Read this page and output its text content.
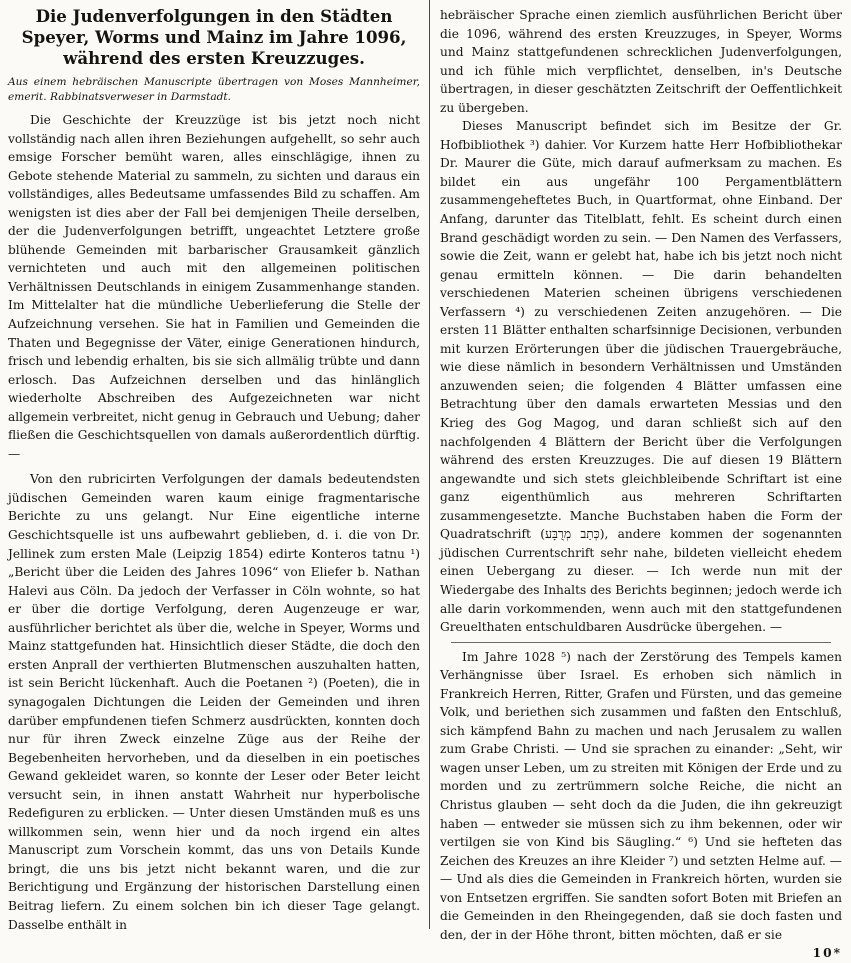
Die Judenverfolgungen in den Städten Speyer, Worms und Mainz im Jahre 1096, während des ersten Kreuzzuges.

Aus einem hebräischen Manuscripte übertragen von Moses Mannheimer, emerit. Rabbinatsverweser in Darmstadt.

Die Geschichte der Kreuzzüge ist bis jetzt noch nicht vollständig nach allen ihren Beziehungen aufgehellt, so sehr auch emsige Forscher bemüht waren, alles einschlägige, ihnen zu Gebote stehende Material zu sammeln, zu sichten und daraus ein vollständiges, alles Bedeutsame umfassendes Bild zu schaffen. Am wenigsten ist dies aber der Fall bei demjenigen Theile derselben, der die Judenverfolgungen betrifft, ungeachtet Letztere große blühende Gemeinden mit barbarischer Grausamkeit gänzlich vernichteten und auch mit den allgemeinen politischen Verhältnissen Deutschlands in einigem Zusammenhange standen. Im Mittelalter hat die mündliche Ueberlieferung die Stelle der Aufzeichnung versehen. Sie hat in Familien und Gemeinden die Thaten und Begegnisse der Väter, einige Generationen hindurch, frisch und lebendig erhalten, bis sie sich allmälig trübte und dann erlosch. Das Aufzeichnen derselben und das hinlänglich wiederholte Abschreiben des Aufgezeichneten war nicht allgemein verbreitet, nicht genug in Gebrauch und Uebung; daher fließen die Geschichtsquellen von damals außerordentlich dürftig. —

Von den rubricirten Verfolgungen der damals bedeutendsten jüdischen Gemeinden waren kaum einige fragmentarische Berichte zu uns gelangt. Nur Eine eigentliche interne Geschichtsquelle ist uns aufbewahrt geblieben, d. i. die von Dr. Jellinek zum ersten Male (Leipzig 1854) edirte Konteros tatnu ¹) „Bericht über die Leiden des Jahres 1096“ von Eliefer b. Nathan Halevi aus Cöln. Da jedoch der Verfasser in Cöln wohnte, so hat er über die dortige Verfolgung, deren Augenzeuge er war, ausführlicher berichtet als über die, welche in Speyer, Worms und Mainz stattgefunden hat. Hinsichtlich dieser Städte, die doch den ersten Anprall der verthierten Blutmenschen auszuhalten hatten, ist sein Bericht lückenhaft. Auch die Poetanen ²) (Poeten), die in synagogalen Dichtungen die Leiden der Gemeinden und ihren darüber empfundenen tiefen Schmerz ausdrückten, konnten doch nur für ihren Zweck einzelne Züge aus der Reihe der Begebenheiten hervorheben, und da dieselben in ein poetisches Gewand gekleidet waren, so konnte der Leser oder Beter leicht versucht sein, in ihnen anstatt Wahrheit nur hyperbolische Redefiguren zu erblicken. — Unter diesen Umständen muß es uns willkommen sein, wenn hier und da noch irgend ein altes Manuscript zum Vorschein kommt, das uns von Details Kunde bringt, die uns bis jetzt nicht bekannt waren, und die zur Berichtigung und Ergänzung der historischen Darstellung einen Beitrag liefern. Zu einem solchen bin ich dieser Tage gelangt. Dasselbe enthält in

hebräischer Sprache einen ziemlich ausführlichen Bericht über die 1096, während des ersten Kreuzzuges, in Speyer, Worms und Mainz stattgefundenen schrecklichen Judenverfolgungen, und ich fühle mich verpflichtet, denselben, in's Deutsche übertragen, in dieser geschätzten Zeitschrift der Oeffentlichkeit zu übergeben.

Dieses Manuscript befindet sich im Besitze der Gr. Hofbibliothek ³) dahier. Vor Kurzem hatte Herr Hofbibliothekar Dr. Maurer die Güte, mich darauf aufmerksam zu machen. Es bildet ein aus ungefähr 100 Pergamentblättern zusammengeheftetes Buch, in Quartformat, ohne Einband. Der Anfang, darunter das Titelblatt, fehlt. Es scheint durch einen Brand geschädigt worden zu sein. — Den Namen des Verfassers, sowie die Zeit, wann er gelebt hat, habe ich bis jetzt noch nicht genau ermitteln können. — Die darin behandelten verschiedenen Materien scheinen übrigens verschiedenen Verfassern ⁴) zu verschiedenen Zeiten anzugehören. — Die ersten 11 Blätter enthalten scharfsinnige Decisionen, verbunden mit kurzen Erörterungen über die jüdischen Trauergebräuche, wie diese nämlich in besondern Verhältnissen und Umständen anzuwenden seien; die folgenden 4 Blätter umfassen eine Betrachtung über den damals erwarteten Messias und den Krieg des Gog Magog, und daran schließt sich auf den nachfolgenden 4 Blättern der Bericht über die Verfolgungen während des ersten Kreuzzuges. Die auf diesen 19 Blättern angewandte und sich stets gleichbleibende Schriftart ist eine ganz eigenthümlich aus mehreren Schriftarten zusammengesetzte. Manche Buchstaben haben die Form der Quadratschrift (כְּתַב מְרֻבָּע), andere kommen der sogenannten jüdischen Currentschrift sehr nahe, bildeten vielleicht ehedem einen Uebergang zu dieser. — Ich werde nun mit der Wiedergabe des Inhalts des Berichts beginnen; jedoch werde ich alle darin vorkommenden, wenn auch mit den stattgefundenen Greuelthaten entschuldbaren Ausdrücke übergehen. —

Im Jahre 1028 ⁵) nach der Zerstörung des Tempels kamen Verhängnisse über Israel. Es erhoben sich nämlich in Frankreich Herren, Ritter, Grafen und Fürsten, und das gemeine Volk, und beriethen sich zusammen und faßten den Entschluß, sich kämpfend Bahn zu machen und nach Jerusalem zu wallen zum Grabe Christi. — Und sie sprachen zu einander: „Seht, wir wagen unser Leben, um zu streiten mit Königen der Erde und zu morden und zu zertrümmern solche Reiche, die nicht an Christus glauben — seht doch da die Juden, die ihn gekreuzigt haben — entweder sie müssen sich zu ihm bekennen, oder wir vertilgen sie von Kind bis Säugling.“ ⁶) Und sie hefteten das Zeichen des Kreuzes an ihre Kleider ⁷) und setzten Helme auf. — — Und als dies die Gemeinden in Frankreich hörten, wurden sie von Entsetzen ergriffen. Sie sandten sofort Boten mit Briefen an die Gemeinden in den Rheingegenden, daß sie doch fasten und den, der in der Höhe thront, bitten möchten, daß er sie

10*
